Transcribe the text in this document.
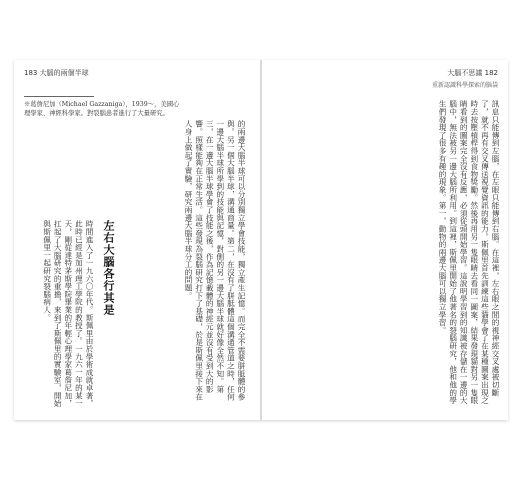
183 大腦的兩個半球
※葛詹尼加（Michael Gazzaniga），1939～，美國心理學家、神經科學家。對裂腦患者進行了大量研究。
的兩邊大腦半球可以分別獨立學會技能，獨立產生記憶。而完全不需要胼胝體的參與。另一個大腦半球，溝通商量。第二，在沒有了胼胝體這個溝通管道之時，任何一邊大腦半球所學到的技能與記憶，對側的另一邊大腦半球就好像全然不知。第三，在一邊大腦半球學會了技能之後，作為記憶載體的神經元並沒有受到大的影響。照樣能夠在正常生活。這些發現為裂腦研究打下了基礎，於是斯佩里接下來在人身上做起了實驗，研究兩邊大腦半球分工的問題。
左右大腦各行其是
時間進入了一九六〇年代。斯佩里由於學術成就卓著，此時已經是加州理工學院的教授了。一九六一年的某一天，剛從達特茅斯學院畢業的年輕心理學家葛詹尼加，扛起了大腦研究的重擔，來到了斯佩里的實驗室，開始與斯佩里一起研究裂腦病人。
大腦不思議 182
重新認識科學探索的腦袋
訊息只能傳到左腦，在左眼只能傳到右腦。在這裡，左右眼之間的視神經交叉處被切斷了，就不再有交叉傳送視覺資訊的能力。斯佩里首先訓練這些貓學會了在某種圖案出現之時去按壓槓桿得到食物獎勵。然後再用另一隻眼睛去看同一圖案，結果發現貓對另一隻眼睛看到的圖案完全沒有反應，必須從頭開始學習。這說明學習到的知識被存儲在一邊的大腦中，無法被另一邊大腦所利用。到這裡，斯佩里開始了他著名的裂腦研究，他和他的學生們發現了很多有趣的現象。第一，動物的兩邊大腦可以獨立學習。
